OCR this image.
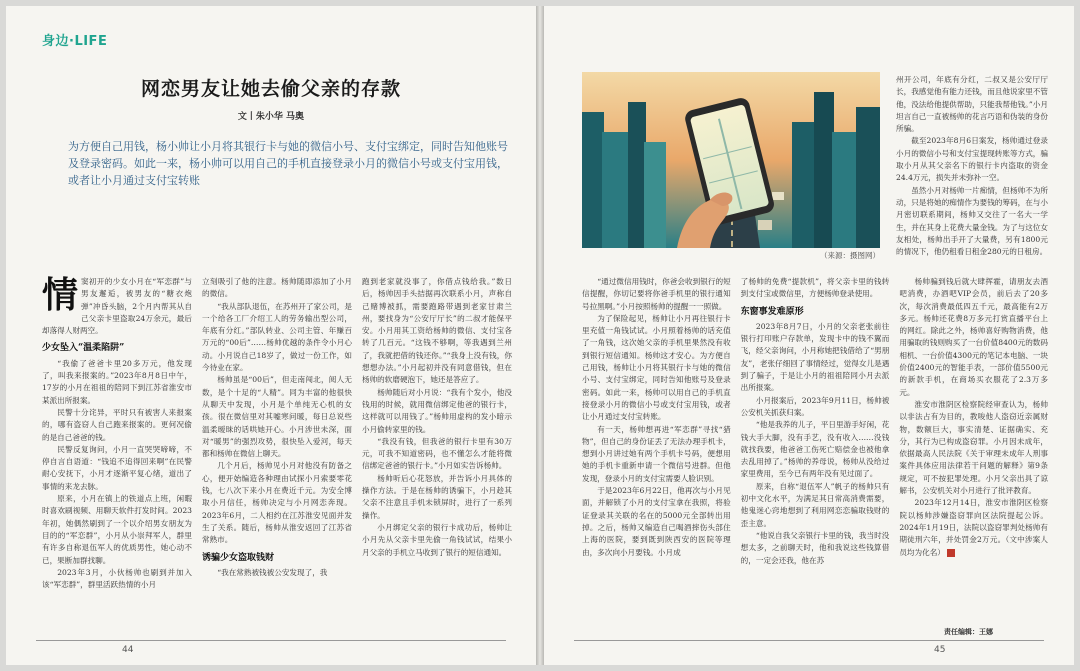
身边·LIFE
网恋男友让她去偷父亲的存款
文丨朱小华 马奥
为方便自己用钱，杨小帅让小月将其银行卡与她的微信小号、支付宝绑定，同时告知他账号及登录密码。如此一来，杨小帅可以用自己的手机直接登录小月的微信小号或支付宝用钱，或者让小月通过支付宝转账

情窦初开的少女小月在“军恋群”与男友邂逅，被男友的“糖衣炮弹”冲昏头脑，2个月内帮其从自己父亲卡里盗取24万余元，最后却落得人财两空。

少女坠入“温柔陷阱”

“我偷了爸爸卡里20多万元，他发现了，叫我来报案的。”2023年8月8日中午，17岁的小月在祖祖的陪同下到江苏省淮安市某派出所报案。

民警十分诧异，平时只有被害人来报案的，哪有盗窃人自己跑来报案的。更何况偷的是自己爸爸的钱。

民警反复询问，小月一直哭哭啼啼，不停自言自语道：“钱追不追得回来啊”在民警耐心安抚下，小月才逐渐平复心绪，道出了事情的来龙去脉。

原来，小月在镇上的铁道点上班，闲暇时喜欢刷视频、用聊天软件打发时间。2023年初，她偶然刷到了一个以介绍男女朋友为目的的“军恋群”，小月从小崇拜军人，群里有许多自称退伍军人的优质男性，她心动不已，果断加群找聊。

2023年3月，小伙杨帅也刷到并加入该“军恋群”，群里活跃热情的小月

立刻吸引了他的注意。杨帅随即添加了小月的微信。

“我从部队退伍，在苏州开了家公司，是一个给各工厂介绍工人的劳务输出型公司，年底有分红。”部队转业、公司主管、年赚百万元的“00后”……杨帅优越的条件令小月心动。小月说自己18岁了，做过一份工作，如今待业在家。

杨帅虽是“00后”，但走南闯北，阅人无数，是个十足的“人精”。同为丰富的他很快从聊天中发现，小月是个单纯无心机的女孩。很在微信里对其嘘寒问暖，每日总说些温柔暧昧的话哄她开心。小月涉世未深，面对“暖男”的强烈攻势，很快坠入爱河，每天都和杨帅在微信上聊天。

几个月后，杨帅见小月对他没有防备之心，便开始编造各种理由试探小月索要零花钱，七八次下来小月在费近千元。为安全博取小月信任，杨帅决定与小月网恋奔现。2023年6月，二人相约在江苏淮安见面并发生了关系。随后，杨帅从淮安返回了江苏省常熟市。

诱骗少女盗取钱财

“我在常熟被钱被公安发现了，我

跑到老家就没事了，你借点钱给我。”数日后，杨帅因手头拮据再次联系小月，声称自己赌博被抓，需要跑路带遇到老家甘肃兰州，要找身为“公安厅厅长”的二叔才能保平安。小月用其工资给杨帅的微信、支付宝各转了几百元。“这钱不够啊，等我遇到兰州了，我就把借的钱还你。”“我身上没有钱，你想想办法。”小月起初并没有同意借钱，但在杨帅的软磨硬泡下，她还是答应了。

杨帅随后对小月说：“我有个发小，他没钱用的时候，就用微信绑定他爸的银行卡，这样就可以用钱了。”杨帅用虚构的发小暗示小月偷转家里的钱。

“我没有钱，但我爸的银行卡里有30万元，可我不知道密码，也不懂怎么才能将微信绑定爸爸的银行卡。”小月如实告诉杨帅。

杨帅听后心花怒放，并告诉小月具体的操作方法。于是在杨帅的诱骗下，小月趁其父亲不注意且手机未锁屏时，进行了一系列操作。

小月绑定父亲的银行卡成功后，杨帅让小月先从父亲卡里先偷一角钱试试，结果小月父亲的手机立马收到了银行的短信通知。

44
（来源：摄图网）

州开公司，年底有分红，二叔又是公安厅厅长，我感觉他有能力还钱，而且他说家里不管他，没法给他提供帮助，只能我帮他钱。”小月坦言自己一直被杨帅的花言巧语和伪装的身份所骗。

截至2023年8月6日案发，杨帅通过登录小月的微信小号和支付宝提现转账等方式，骗取小月从其父亲名下的银行卡内盗取的资金24.4万元，损失并未弥补一空。

虽然小月对杨帅一片痴情，但杨帅不为所动，只是将她的痴情作为要钱的筹码，在与小月密切联系期间，杨帅又交往了一名大一学生，并在其身上花费大量金钱。为了与这位女友相处，杨帅出手开了大量费，另有1800元的情况下，他仍租看日租金280元的日租房。

“通过微信用钱时，你爸会收到银行的短信提醒，你切记要将你爸手机里的银行通知号拉黑啊。”小月按照杨帅的提醒一一照做。

为了保险起见，杨帅让小月再往银行卡里充值一角钱试试。小月照着杨帅的话充值了一角钱，这次她父亲的手机里果然没有收到银行短信通知。杨帅这才安心。为方便自己用钱，杨帅让小月将其银行卡与她的微信小号、支付宝绑定，同时告知他账号及登录密码。如此一来，杨帅可以用自己的手机直接登录小月的微信小号或支付宝用钱，或者让小月通过支付宝转账。

有一天，杨帅想再进“军恋群”寻找“猎物”，但自己的身份证丢了无法办理手机卡，想到小月讲过她有两个手机卡号码，便想用她的手机卡重新申请一个微信号进群。但他发现，登录小月的支付宝需要人脸识别。

于是2023年6月22日，他再次与小月见面，并解锁了小月的支付宝拿在我照，将验证登录其关联的名在的5000元全部转出用掉。之后，杨帅又编造自己喝酒摔伤头部住上海的医院，要到既到陕西安的医院等理由，多次向小月要钱。小月成

了杨帅的免费“提款机”，将父亲卡里的钱转到支付宝或微信里，方便杨帅登录使用。

东窗事发难原形

2023年8月7日，小月的父亲老张前往银行打印账户存款单，发现卡中的钱不翼而飞，经父亲询问，小月称她把钱借给了“男朋友”，老张仔细回了事情经过，觉得女儿是遇到了骗子，于是让小月的祖祖陪同小月去派出所报案。

小月报案后，2023年9月11日，杨帅被公安机关抓获归案。

“他是我养的儿子，平日里游手好闲，花钱大手大脚，没有手艺，没有收入……没钱就找我要，他爸爸工伤死亡赔偿金也被他拿去乱用掉了。”杨帅的养母说，杨帅从没给过家里费用，至今已有两年没有见过面了。

原来，自称“退伍军人”帆子的杨帅只有初中文化水平，为满足其日常高消费需要，他鬼迷心窍地想到了利用网恋恋骗取钱财的歪主意。

“他说自我父亲银行卡里的钱，我当时没想太多，之前聊天时，他和我说这些钱算借的，一定会还我，他在苏

杨帅骗到钱后就大肆挥霍，请朋友去酒吧消费，办酒吧VIP会员，前后去了20多次，每次消费最低四五千元，最高能有2万多元。杨帅还花费8万多元打赏直播平台上的网红。除此之外，杨帅喜好购物消费，他用骗取的钱则购买了一台价值8400元的数码相机、一台价值4300元的笔记本电脑、一块价值2400元的智能手表，一部价值5500元的新款手机，在商场买衣服花了2.3万多元。

淮安市淮阴区检察院经审查认为，杨帅以非法占有为目的，教唆他人盗窃近亲属财物，数额巨大，事实清楚、证据确实、充分，其行为已构成盗窃罪。小月因未成年，依据最高人民法院《关于审理未成年人刑事案件具体应用法律若干问题的解释》第9条规定，可不按犯罪处理。小月父亲出具了谅解书，公安机关对小月进行了批评教育。

2023年12月14日，淮安市淮阴区检察院以杨帅涉嫌盗窃罪向区法院提起公诉。2024年1月19日，法院以盗窃罪判处杨帅有期徒刑六年，并处罚金2万元。（文中涉案人员均为化名）

责任编辑：王娜
45
